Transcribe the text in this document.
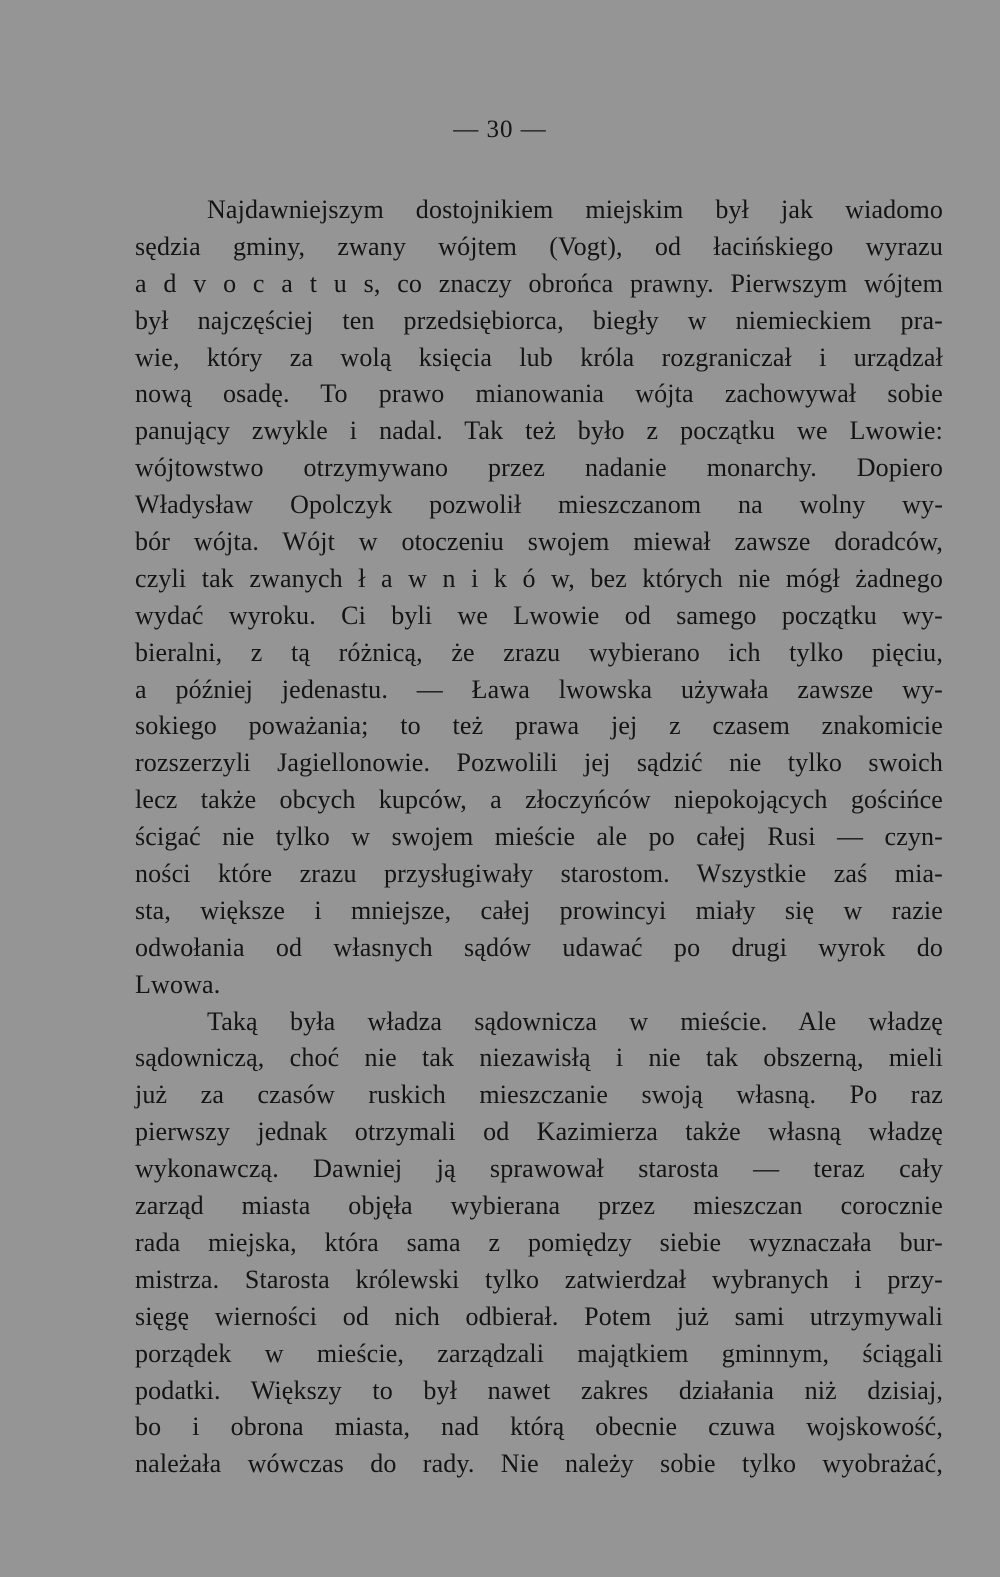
— 30 —
Najdawniejszym dostojnikiem miejskim był jak wiadomo
sędzia gminy, zwany wójtem (Vogt), od łacińskiego wyrazu
a d v o c a t u s, co znaczy obrońca prawny. Pierwszym wójtem
był najczęściej ten przedsiębiorca, biegły w niemieckiem pra-
wie, który za wolą księcia lub króla rozgraniczał i urządzał
nową osadę. To prawo mianowania wójta zachowywał sobie
panujący zwykle i nadal. Tak też było z początku we Lwowie:
wójtowstwo otrzymywano przez nadanie monarchy. Dopiero
Władysław Opolczyk pozwolił mieszczanom na wolny wy-
bór wójta. Wójt w otoczeniu swojem miewał zawsze doradców,
czyli tak zwanych ł a w n i k ó w, bez których nie mógł żadnego
wydać wyroku. Ci byli we Lwowie od samego początku wy-
bieralni, z tą różnicą, że zrazu wybierano ich tylko pięciu,
a później jedenastu. — Ława lwowska używała zawsze wy-
sokiego poważania; to też prawa jej z czasem znakomicie
rozszerzyli Jagiellonowie. Pozwolili jej sądzić nie tylko swoich
lecz także obcych kupców, a złoczyńców niepokojących gościńce
ścigać nie tylko w swojem mieście ale po całej Rusi — czyn-
ności które zrazu przysługiwały starostom. Wszystkie zaś mia-
sta, większe i mniejsze, całej prowincyi miały się w razie
odwołania od własnych sądów udawać po drugi wyrok do
Lwowa.
Taką była władza sądownicza w mieście. Ale władzę
sądowniczą, choć nie tak niezawisłą i nie tak obszerną, mieli
już za czasów ruskich mieszczanie swoją własną. Po raz
pierwszy jednak otrzymali od Kazimierza także własną władzę
wykonawczą. Dawniej ją sprawował starosta — teraz cały
zarząd miasta objęła wybierana przez mieszczan corocznie
rada miejska, która sama z pomiędzy siebie wyznaczała bur-
mistrza. Starosta królewski tylko zatwierdzał wybranych i przy-
sięgę wierności od nich odbierał. Potem już sami utrzymywali
porządek w mieście, zarządzali majątkiem gminnym, ściągali
podatki. Większy to był nawet zakres działania niż dzisiaj,
bo i obrona miasta, nad którą obecnie czuwa wojskowość,
należała wówczas do rady. Nie należy sobie tylko wyobrażać,
